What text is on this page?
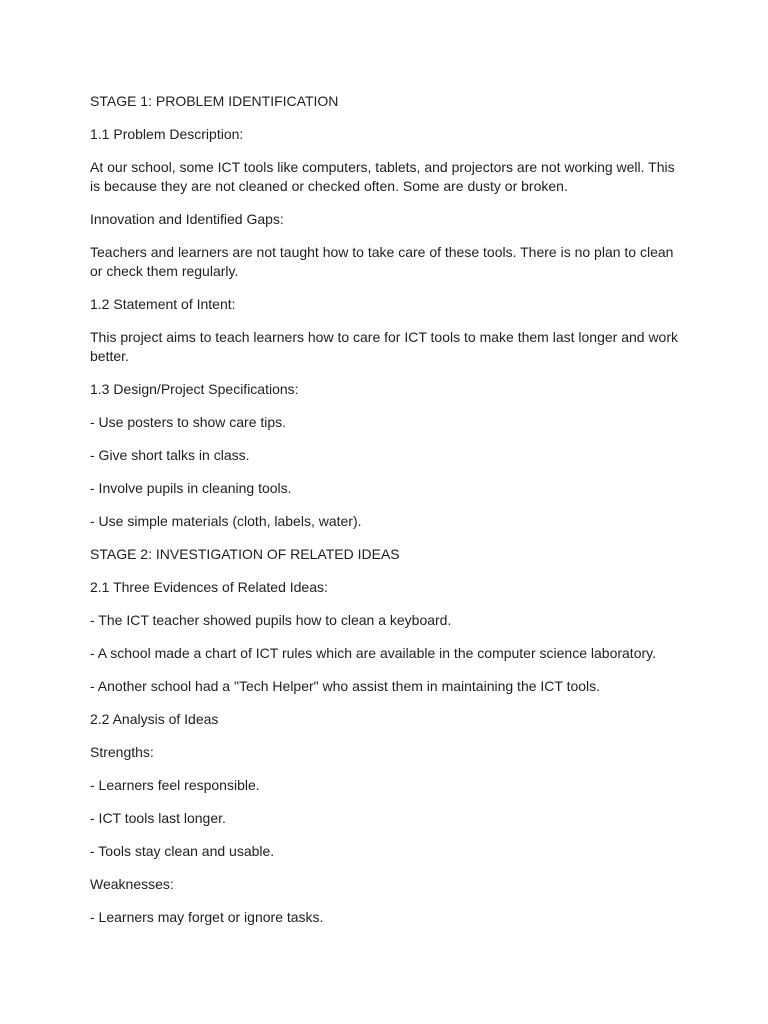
STAGE 1: PROBLEM IDENTIFICATION

1.1 Problem Description:

At our school, some ICT tools like computers, tablets, and projectors are not working well. This is because they are not cleaned or checked often. Some are dusty or broken.

Innovation and Identified Gaps:

Teachers and learners are not taught how to take care of these tools. There is no plan to clean or check them regularly.

1.2 Statement of Intent:

This project aims to teach learners how to care for ICT tools to make them last longer and work better.

1.3 Design/Project Specifications:

- Use posters to show care tips.

- Give short talks in class.

- Involve pupils in cleaning tools.

- Use simple materials (cloth, labels, water).

STAGE 2: INVESTIGATION OF RELATED IDEAS

2.1 Three Evidences of Related Ideas:

- The ICT teacher showed pupils how to clean a keyboard.

- A school made a chart of ICT rules which are available in the computer science laboratory.

- Another school had a "Tech Helper" who assist them in maintaining the ICT tools.

2.2 Analysis of Ideas

Strengths:

- Learners feel responsible.

- ICT tools last longer.

- Tools stay clean and usable.

Weaknesses:

- Learners may forget or ignore tasks.
